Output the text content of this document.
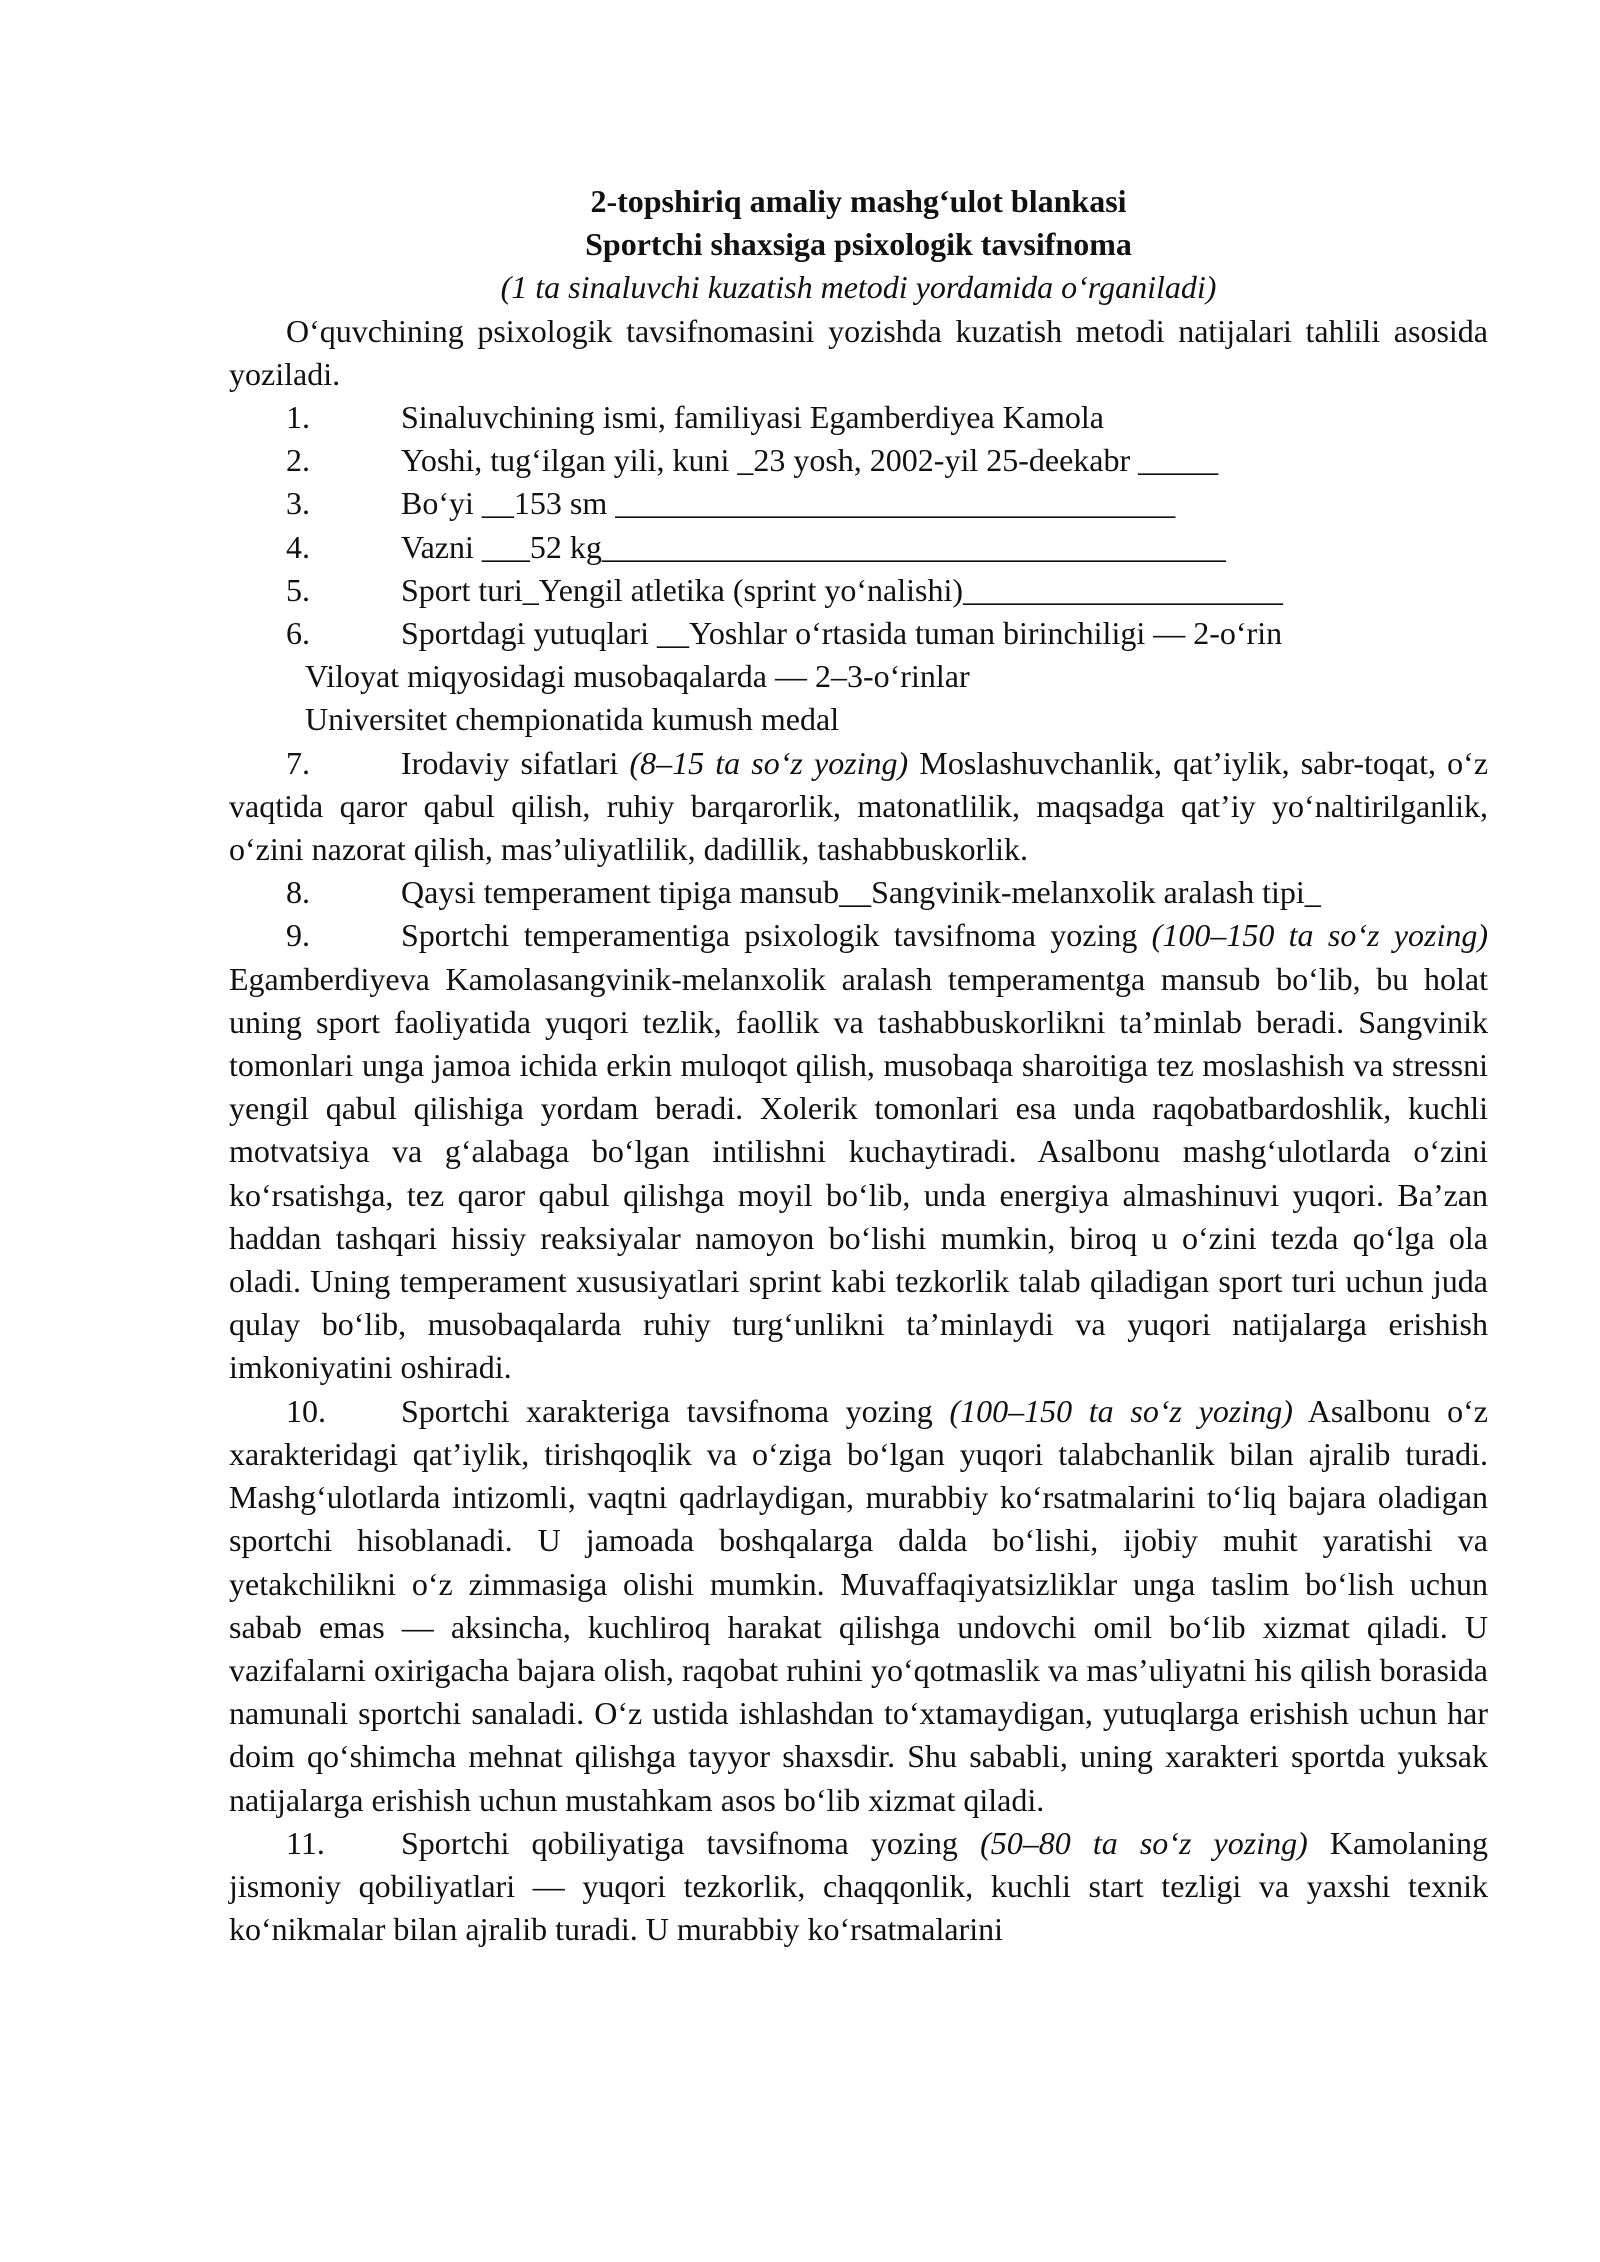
2-topshiriq amaliy mashg‘ulot blankasi

Sportchi shaxsiga psixologik tavsifnoma

(1 ta sinaluvchi kuzatish metodi yordamida o‘rganiladi)

O‘quvchining psixologik tavsifnomasini yozishda kuzatish metodi natijalari tahlili asosida yoziladi.

1.	Sinaluvchining ismi, familiyasi Egamberdiyea Kamola
2.	Yoshi, tug‘ilgan yili, kuni _23 yosh, 2002-yil 25-deekabr _____
3.	Bo‘yi __153 sm ___________________________________
4.	Vazni ___52 kg_______________________________________
5.	Sport turi_Yengil atletika (sprint yo‘nalishi)____________________
6.	Sportdagi yutuqlari __Yoshlar o‘rtasida tuman birinchiligi — 2-o‘rin

Viloyat miqyosidagi musobaqalarda — 2–3-o‘rinlar

Universitet chempionatida kumush medal

7.	Irodaviy sifatlari (8–15 ta so‘z yozing) Moslashuvchanlik, qat’iylik, sabr-toqat, o‘z vaqtida qaror qabul qilish, ruhiy barqarorlik, matonatlilik, maqsadga qat’iy yo‘naltirilganlik, o‘zini nazorat qilish, mas’uliyatlilik, dadillik, tashabbuskorlik.

8.	Qaysi temperament tipiga mansub__Sangvinik-melanxolik aralash tipi_

9.	Sportchi temperamentiga psixologik tavsifnoma yozing (100–150 ta so‘z yozing) Egamberdiyeva Kamolasangvinik-melanxolik aralash temperamentga mansub bo‘lib, bu holat uning sport faoliyatida yuqori tezlik, faollik va tashabbuskorlikni ta’minlab beradi. Sangvinik tomonlari unga jamoa ichida erkin muloqot qilish, musobaqa sharoitiga tez moslashish va stressni yengil qabul qilishiga yordam beradi. Xolerik tomonlari esa unda raqobatbardoshlik, kuchli motvatsiya va g‘alabaga bo‘lgan intilishni kuchaytiradi. Asalbonu mashg‘ulotlarda o‘zini ko‘rsatishga, tez qaror qabul qilishga moyil bo‘lib, unda energiya almashinuvi yuqori. Ba’zan haddan tashqari hissiy reaksiyalar namoyon bo‘lishi mumkin, biroq u o‘zini tezda qo‘lga ola oladi. Uning temperament xususiyatlari sprint kabi tezkorlik talab qiladigan sport turi uchun juda qulay bo‘lib, musobaqalarda ruhiy turg‘unlikni ta’minlaydi va yuqori natijalarga erishish imkoniyatini oshiradi.

10. Sportchi xarakteriga tavsifnoma yozing (100–150 ta so‘z yozing) Asalbonu o‘z xarakteridagi qat’iylik, tirishqoqlik va o‘ziga bo‘lgan yuqori talabchanlik bilan ajralib turadi. Mashg‘ulotlarda intizomli, vaqtni qadrlaydigan, murabbiy ko‘rsatmalarini to‘liq bajara oladigan sportchi hisoblanadi. U jamoada boshqalarga dalda bo‘lishi, ijobiy muhit yaratishi va yetakchilikni o‘z zimmasiga olishi mumkin. Muvaffaqiyatsizliklar unga taslim bo‘lish uchun sabab emas — aksincha, kuchliroq harakat qilishga undovchi omil bo‘lib xizmat qiladi. U vazifalarni oxirigacha bajara olish, raqobat ruhini yo‘qotmaslik va mas’uliyatni his qilish borasida namunali sportchi sanaladi. O‘z ustida ishlashdan to‘xtamaydigan, yutuqlarga erishish uchun har doim qo‘shimcha mehnat qilishga tayyor shaxsdir. Shu sababli, uning xarakteri sportda yuksak natijalarga erishish uchun mustahkam asos bo‘lib xizmat qiladi.

11. Sportchi qobiliyatiga tavsifnoma yozing (50–80 ta so‘z yozing) Kamolaning jismoniy qobiliyatlari — yuqori tezkorlik, chaqqonlik, kuchli start tezligi va yaxshi texnik ko‘nikmalar bilan ajralib turadi. U murabbiy ko‘rsatmalarini
